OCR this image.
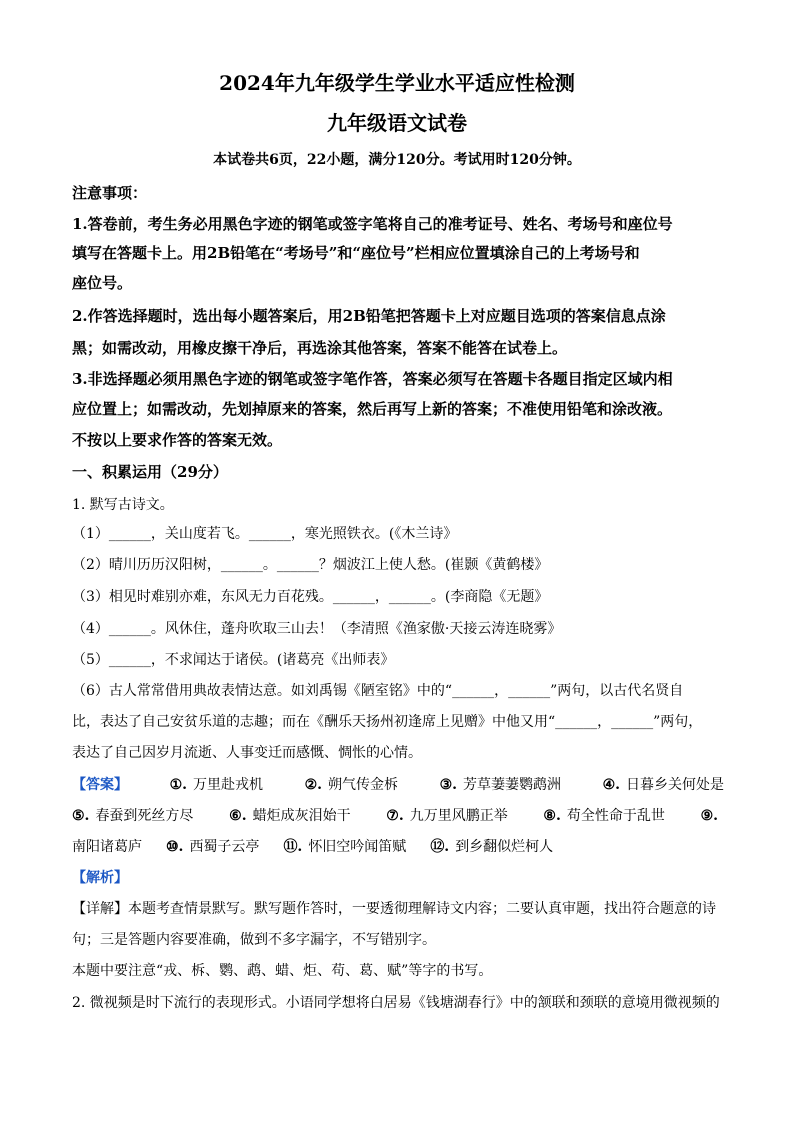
2024年九年级学生学业水平适应性检测
九年级语文试卷
本试卷共6页，22小题，满分120分。考试用时120分钟。
注意事项：
1.答卷前，考生务必用黑色字迹的钢笔或签字笔将自己的准考证号、姓名、考场号和座位号
填写在答题卡上。用2B铅笔在“考场号”和“座位号”栏相应位置填涂自己的上考场号和
座位号。
2.作答选择题时，选出每小题答案后，用2B铅笔把答题卡上对应题目选项的答案信息点涂
黑；如需改动，用橡皮擦干净后，再选涂其他答案，答案不能答在试卷上。
3.非选择题必须用黑色字迹的钢笔或签字笔作答，答案必须写在答题卡各题目指定区域内相
应位置上；如需改动，先划掉原来的答案，然后再写上新的答案；不准使用铅笔和涂改液。
不按以上要求作答的答案无效。
一、积累运用（29分）
1. 默写古诗文。
（1）______，关山度若飞。______，寒光照铁衣。(《木兰诗》
（2）晴川历历汉阳树，______。______？烟波江上使人愁。(崔颢《黄鹤楼》
（3）相见时难别亦难，东风无力百花残。______，______。(李商隐《无题》
（4）______。风休住，蓬舟吹取三山去！（李清照《渔家傲·天接云涛连晓雾》
（5）______，不求闻达于诸侯。(诸葛亮《出师表》
（6）古人常常借用典故表情达意。如刘禹锡《陋室铭》中的“______，______”两句，以古代名贤自
比，表达了自己安贫乐道的志趣；而在《酬乐天扬州初逢席上见赠》中他又用“______，______”两句，
表达了自己因岁月流逝、人事变迁而感慨、惆怅的心情。
【答案】	①. 万里赴戎机	②. 朔气传金柝	③. 芳草萋萋鹦鹉洲	④. 日暮乡关何处是
⑤. 春蚕到死丝方尽	⑥. 蜡炬成灰泪始干	⑦. 九万里风鹏正举	⑧. 苟全性命于乱世	⑨.
南阳诸葛庐 ⑩. 西蜀子云亭 ⑪. 怀旧空吟闻笛赋 ⑫. 到乡翻似烂柯人
【解析】
【详解】本题考查情景默写。默写题作答时，一要透彻理解诗文内容；二要认真审题，找出符合题意的诗
句；三是答题内容要准确，做到不多字漏字，不写错别字。
本题中要注意“戎、柝、鹦、鹉、蜡、炬、苟、葛、赋”等字的书写。
2. 微视频是时下流行的表现形式。小语同学想将白居易《钱塘湖春行》中的颔联和颈联的意境用微视频的
